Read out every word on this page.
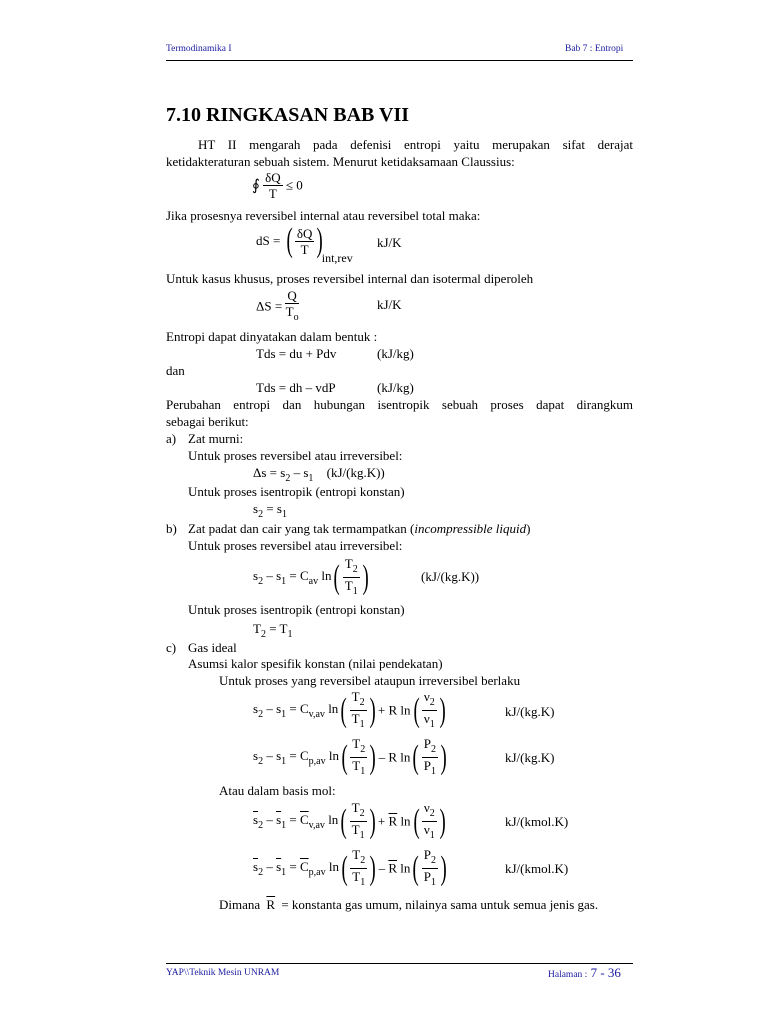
Termodinamika I	Bab 7 : Entropi
7.10 RINGKASAN BAB VII
HT II mengarah pada defenisi entropi yaitu merupakan sifat derajat
ketidakteraturan sebuah sistem. Menurut ketidaksamaan Claussius:
∮ $\frac{\delta Q}{T} \le 0$
Jika prosesnya reversibel internal atau reversibel total maka:
dS = ( $\frac{\delta Q}{T} )int,rev$
kJ/K
Untuk kasus khusus, proses reversibel internal dan isotermal diperoleh
$\Delta S = \frac{Q}{T_o}$	kJ/K
Entropi dapat dinyatakan dalam bentuk :
Tds = du + Pdv	(kJ/kg)
dan
Tds = dh – vdP	(kJ/kg)
Perubahan entropi dan hubungan isentropik sebuah proses dapat dirangkum
sebagai berikut:
a) Zat murni:
Untuk proses reversibel atau irreversibel:
$\Delta s = s_2 - s_1$ (kJ/(kg.K))
Untuk proses isentropik (entropi konstan)
$s_2 = s_1$
b) Zat padat dan cair yang tak termampatkan (incompressible liquid)
Untuk proses reversibel atau irreversibel:
$s_2 - s_1 = C_{av}$ $\ln( \frac{T_2}{T_1}$ )	(kJ/(kg.K))
Untuk proses isentropik (entropi konstan)
$T_2 = T_1$
c) Gas ideal
Asumsi kalor spesifik konstan (nilai pendekatan)
Untuk proses yang reversibel ataupun irreversibel berlaku
$s_2 - s_1 = C_{v,av}$ $\ln( \frac{T_2}{T_1}$ ) + R $\ln( \frac{\nu_2}{\nu_1}$ )	kJ/(kg.K)
$s_2 - s_1 = C_{p,av}$ $\ln( \frac{T_2}{T_1}$ ) – R $\ln( \frac{P_2}{P_1}$ )	kJ/(kg.K)
Atau dalam basis mol:
$\overline{s}_2 - \overline{s}_1 = \overline{C}_{v,av}$ $\ln( \frac{T_2}{T_1}$ ) + $\overline{R}$ $\ln( \frac{\nu_2}{\nu_1}$ )	kJ/(kmol.K)
$\overline{s}_2 - \overline{s}_1 = \overline{C}_{p,av}$ $\ln( \frac{T_2}{T_1}$ ) – $\overline{R}$ $\ln( \frac{P_2}{P_1}$ )	kJ/(kmol.K)
Dimana $\overline{R}$ = konstanta gas umum, nilainya sama untuk semua jenis gas.
YAP\\Teknik Mesin UNRAM	Halaman : 7 - 36
